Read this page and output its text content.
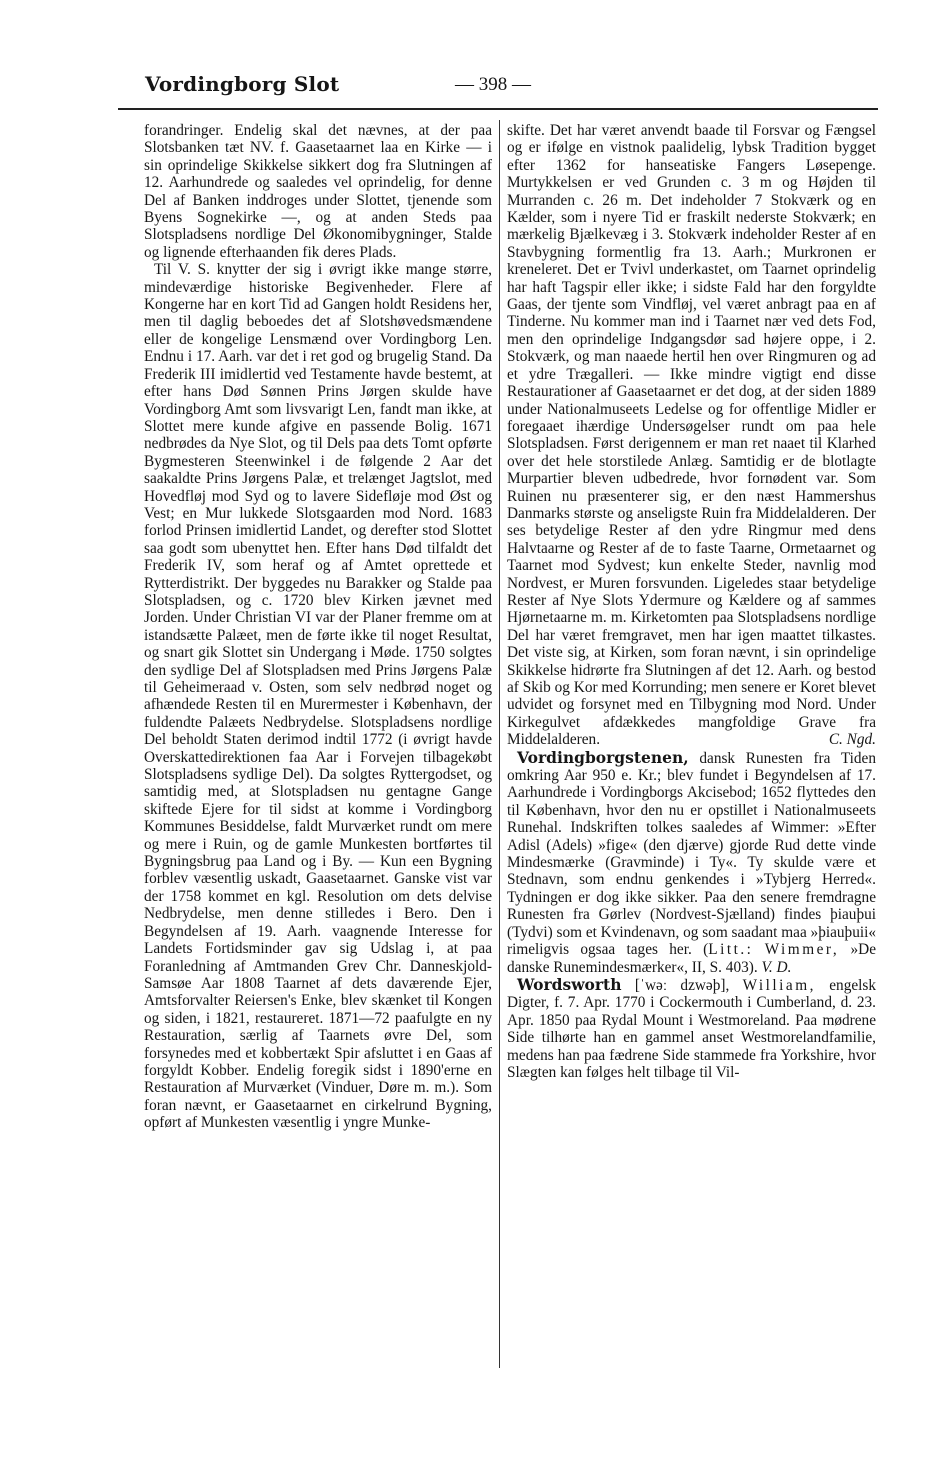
Vordingborg Slot	— 398 —

forandringer. Endelig skal det nævnes, at der paa Slotsbanken tæt NV. f. Gaasetaarnet laa en Kirke — i sin oprindelige Skikkelse sikkert dog fra Slutningen af 12. Aarhundrede og saaledes vel oprindelig, for denne Del af Banken inddroges under Slottet, tjenende som Byens Sognekirke —, og at anden Steds paa Slotspladsens nordlige Del Økonomibygninger, Stalde og lignende efterhaanden fik deres Plads.

Til V. S. knytter der sig i øvrigt ikke mange større, mindeværdige historiske Begivenheder. Flere af Kongerne har en kort Tid ad Gangen holdt Residens her, men til daglig beboedes det af Slotshøvedsmændene eller de kongelige Lensmænd over Vordingborg Len. Endnu i 17. Aarh. var det i ret god og brugelig Stand. Da Frederik III imidlertid ved Testamente havde bestemt, at efter hans Død Sønnen Prins Jørgen skulde have Vordingborg Amt som livsvarigt Len, fandt man ikke, at Slottet mere kunde afgive en passende Bolig. 1671 nedbrødes da Nye Slot, og til Dels paa dets Tomt opførte Bygmesteren Steenwinkel i de følgende 2 Aar det saakaldte Prins Jørgens Palæ, et trelænget Jagtslot, med Hovedfløj mod Syd og to lavere Sidefløje mod Øst og Vest; en Mur lukkede Slotsgaarden mod Nord. 1683 forlod Prinsen imidlertid Landet, og derefter stod Slottet saa godt som ubenyttet hen. Efter hans Død tilfaldt det Frederik IV, som heraf og af Amtet oprettede et Rytterdistrikt. Der byggedes nu Barakker og Stalde paa Slotspladsen, og c. 1720 blev Kirken jævnet med Jorden. Under Christian VI var der Planer fremme om at istandsætte Palæet, men de førte ikke til noget Resultat, og snart gik Slottet sin Undergang i Møde. 1750 solgtes den sydlige Del af Slotspladsen med Prins Jørgens Palæ til Geheimeraad v. Osten, som selv nedbrød noget og afhændede Resten til en Murermester i København, der fuldendte Palæets Nedbrydelse. Slotspladsens nordlige Del beholdt Staten derimod indtil 1772 (i øvrigt havde Overskattedirektionen faa Aar i Forvejen tilbagekøbt Slotspladsens sydlige Del). Da solgtes Ryttergodset, og samtidig med, at Slotspladsen nu gentagne Gange skiftede Ejere for til sidst at komme i Vordingborg Kommunes Besiddelse, faldt Murværket rundt om mere og mere i Ruin, og de gamle Munkesten bortførtes til Bygningsbrug paa Land og i By. — Kun een Bygning forblev væsentlig uskadt, Gaasetaarnet. Ganske vist var der 1758 kommet en kgl. Resolution om dets delvise Nedbrydelse, men denne stilledes i Bero. Den i Begyndelsen af 19. Aarh. vaagnende Interesse for Landets Fortidsminder gav sig Udslag i, at paa Foranledning af Amtmanden Grev Chr. Danneskjold-Samsøe Aar 1808 Taarnet af dets daværende Ejer, Amtsforvalter Reiersen's Enke, blev skænket til Kongen og siden, i 1821, restaureret. 1871—72 paafulgte en ny Restauration, særlig af Taarnets øvre Del, som forsynedes med et kobbertækt Spir afsluttet i en Gaas af forgyldt Kobber. Endelig foregik sidst i 1890'erne en Restauration af Murværket (Vinduer, Døre m. m.). Som foran nævnt, er Gaasetaarnet en cirkelrund Bygning, opført af Munkesten væsentlig i yngre Munke-

skifte. Det har været anvendt baade til Forsvar og Fængsel og er ifølge en vistnok paalidelig, lybsk Tradition bygget efter 1362 for hanseatiske Fangers Løsepenge. Murtykkelsen er ved Grunden c. 3 m og Højden til Murranden c. 26 m. Det indeholder 7 Stokværk og en Kælder, som i nyere Tid er fraskilt nederste Stokværk; en mærkelig Bjælkevæg i 3. Stokværk indeholder Rester af en Stavbygning formentlig fra 13. Aarh.; Murkronen er kreneleret. Det er Tvivl underkastet, om Taarnet oprindelig har haft Tagspir eller ikke; i sidste Fald har den forgyldte Gaas, der tjente som Vindfløj, vel været anbragt paa en af Tinderne. Nu kommer man ind i Taarnet nær ved dets Fod, men den oprindelige Indgangsdør sad højere oppe, i 2. Stokværk, og man naaede hertil hen over Ringmuren og ad et ydre Trægalleri. — Ikke mindre vigtigt end disse Restaurationer af Gaasetaarnet er det dog, at der siden 1889 under Nationalmuseets Ledelse og for offentlige Midler er foregaaet ihærdige Undersøgelser rundt om paa hele Slotspladsen. Først derigennem er man ret naaet til Klarhed over det hele storstilede Anlæg. Samtidig er de blotlagte Murpartier bleven udbedrede, hvor fornødent var. Som Ruinen nu præsenterer sig, er den næst Hammershus Danmarks største og anseligste Ruin fra Middelalderen. Der ses betydelige Rester af den ydre Ringmur med dens Halvtaarne og Rester af de to faste Taarne, Ormetaarnet og Taarnet mod Sydvest; kun enkelte Steder, navnlig mod Nordvest, er Muren forsvunden. Ligeledes staar betydelige Rester af Nye Slots Ydermure og Kældere og af sammes Hjørnetaarne m. m. Kirketomten paa Slotspladsens nordlige Del har været fremgravet, men har igen maattet tilkastes. Det viste sig, at Kirken, som foran nævnt, i sin oprindelige Skikkelse hidrørte fra Slutningen af det 12. Aarh. og bestod af Skib og Kor med Korrunding; men senere er Koret blevet udvidet og forsynet med en Tilbygning mod Nord. Under Kirkegulvet afdækkedes mangfoldige Grave fra Middelalderen.	C. Ngd.

Vordingborgstenen, dansk Runesten fra Tiden omkring Aar 950 e. Kr.; blev fundet i Begyndelsen af 17. Aarhundrede i Vordingborgs Akcisebod; 1652 flyttedes den til København, hvor den nu er opstillet i Nationalmuseets Runehal. Indskriften tolkes saaledes af Wimmer: »Efter Adisl (Adels) »fige« (den djærve) gjorde Rud dette vinde Mindesmærke (Gravminde) i Ty«. Ty skulde være et Stednavn, som endnu genkendes i »Tybjerg Herred«. Tydningen er dog ikke sikker. Paa den senere fremdragne Runesten fra Gørlev (Nordvest-Sjælland) findes þiauþui (Tydvi) som et Kvindenavn, og som saadant maa »þiauþuii« rimeligvis ogsaa tages her. (Litt.: Wimmer, »De danske Runemindesmærker«, II, S. 403). V. D.

Wordsworth [ˈwəː dzwəþ], William, engelsk Digter, f. 7. Apr. 1770 i Cockermouth i Cumberland, d. 23. Apr. 1850 paa Rydal Mount i Westmoreland. Paa mødrene Side tilhørte han en gammel anset Westmorelandfamilie, medens han paa fædrene Side stammede fra Yorkshire, hvor Slægten kan følges helt tilbage til Vil-
